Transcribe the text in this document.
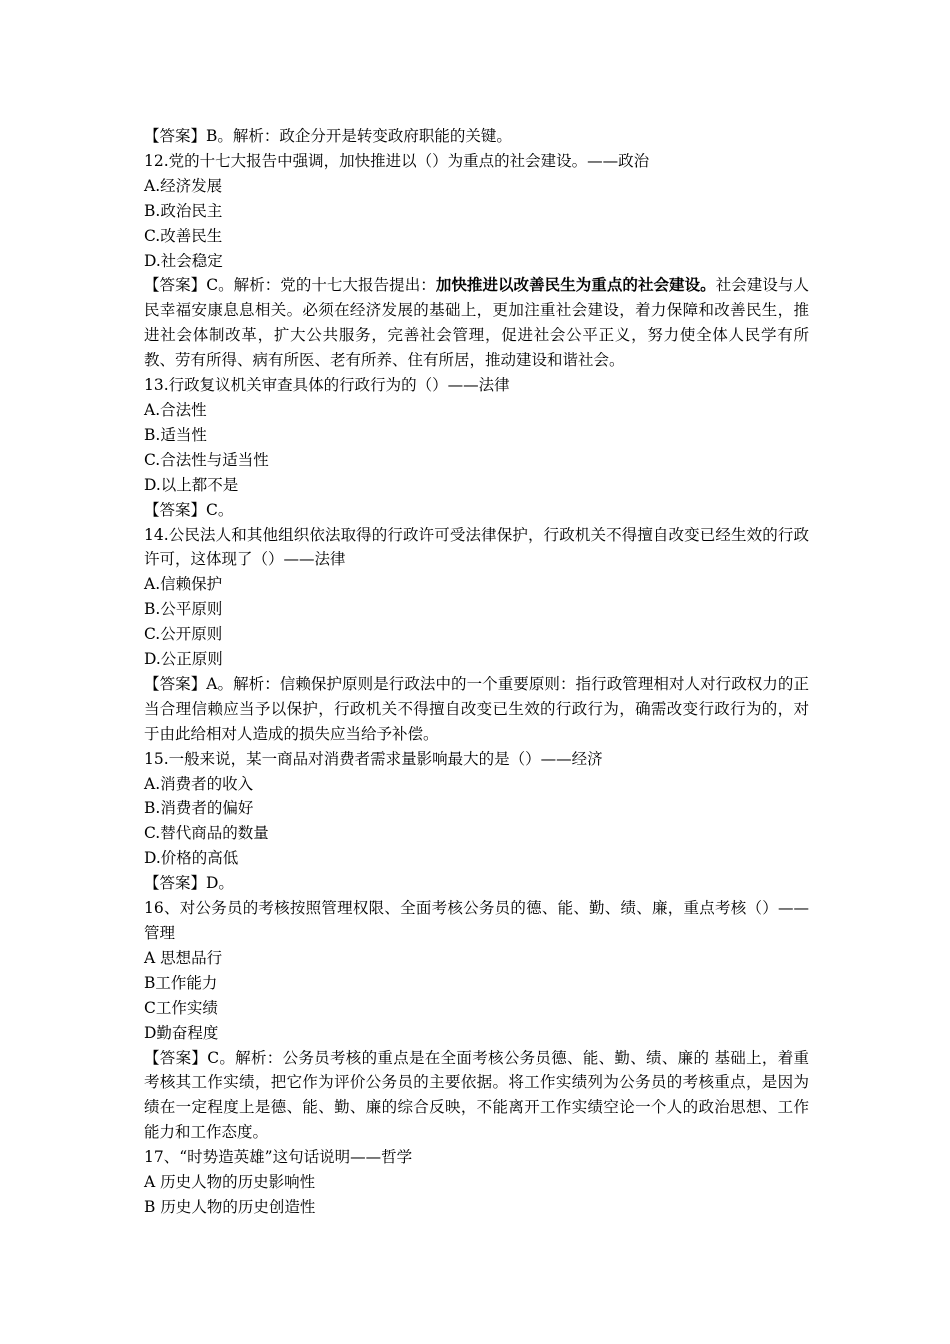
【答案】B。解析：政企分开是转变政府职能的关键。
12.党的十七大报告中强调，加快推进以（）为重点的社会建设。——政治
A.经济发展
B.政治民主
C.改善民生
D.社会稳定
【答案】C。解析：党的十七大报告提出：加快推进以改善民生为重点的社会建设。社会建设与人民幸福安康息息相关。必须在经济发展的基础上，更加注重社会建设，着力保障和改善民生，推进社会体制改革，扩大公共服务，完善社会管理，促进社会公平正义，努力使全体人民学有所教、劳有所得、病有所医、老有所养、住有所居，推动建设和谐社会。
13.行政复议机关审查具体的行政行为的（）——法律
A.合法性
B.适当性
C.合法性与适当性
D.以上都不是
【答案】C。
14.公民法人和其他组织依法取得的行政许可受法律保护，行政机关不得擅自改变已经生效的行政许可，这体现了（）——法律
A.信赖保护
B.公平原则
C.公开原则
D.公正原则
【答案】A。解析：信赖保护原则是行政法中的一个重要原则：指行政管理相对人对行政权力的正当合理信赖应当予以保护，行政机关不得擅自改变已生效的行政行为，确需改变行政行为的，对于由此给相对人造成的损失应当给予补偿。
15.一般来说，某一商品对消费者需求量影响最大的是（）——经济
A.消费者的收入
B.消费者的偏好
C.替代商品的数量
D.价格的高低
【答案】D。
16、对公务员的考核按照管理权限、全面考核公务员的德、能、勤、绩、廉，重点考核（）——管理
A 思想品行
B工作能力
C工作实绩
D勤奋程度
【答案】C。解析：公务员考核的重点是在全面考核公务员德、能、勤、绩、廉的 基础上，着重考核其工作实绩，把它作为评价公务员的主要依据。将工作实绩列为公务员的考核重点，是因为绩在一定程度上是德、能、勤、廉的综合反映，不能离开工作实绩空论一个人的政治思想、工作能力和工作态度。
17、“时势造英雄”这句话说明——哲学
A 历史人物的历史影响性
B 历史人物的历史创造性
